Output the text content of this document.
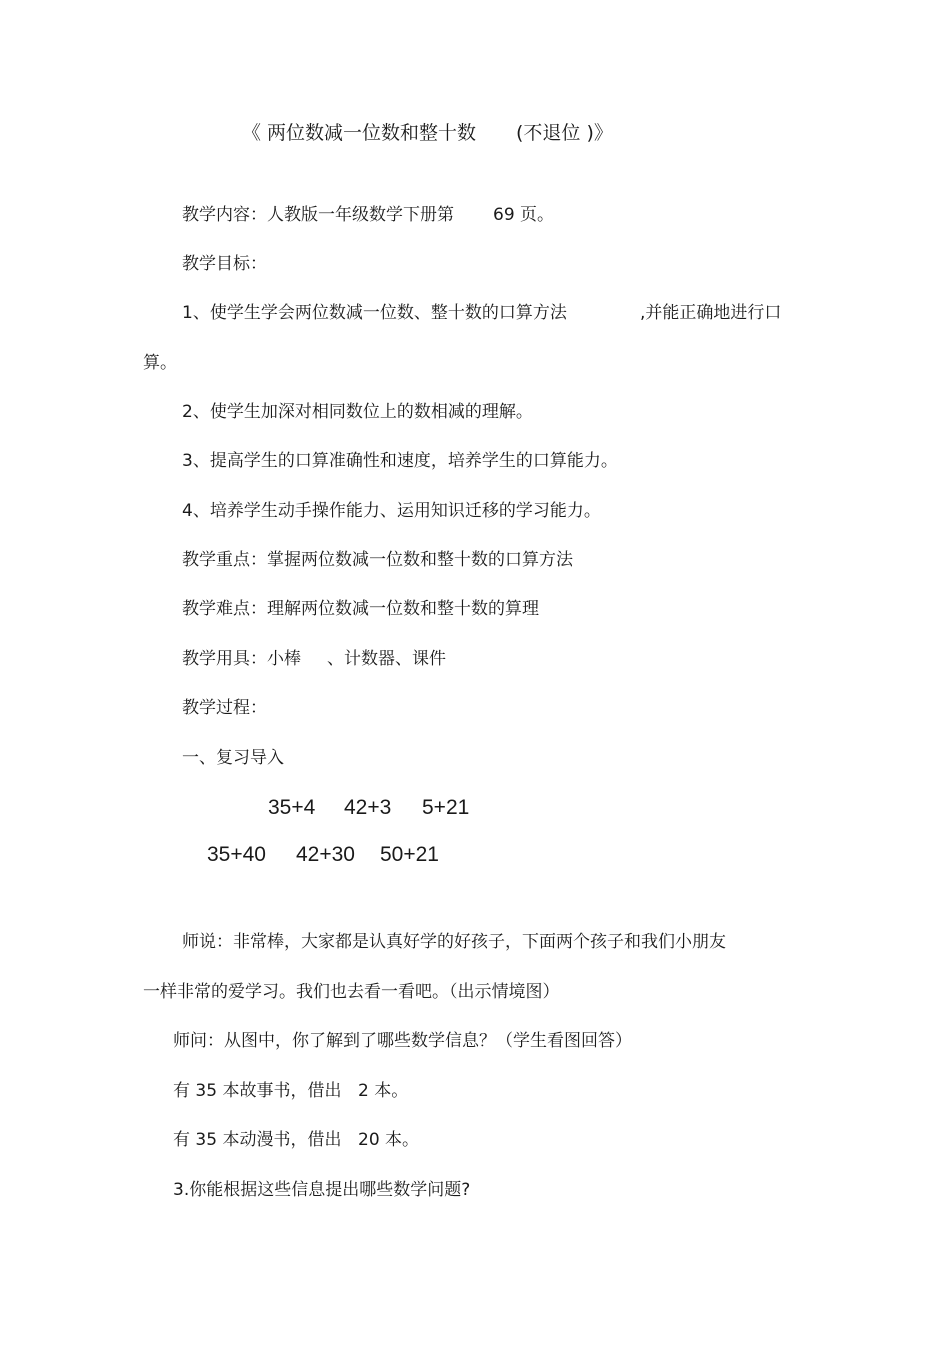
《 两位数减一位数和整十数 (不退位 )》
教学内容：人教版一年级数学下册第 69 页。
教学目标：
1、使学生学会两位数减一位数、整十数的口算方法	,并能正确地进行口
算。
2、使学生加深对相同数位上的数相减的理解。
3、提高学生的口算准确性和速度，培养学生的口算能力。
4、培养学生动手操作能力、运用知识迁移的学习能力。
教学重点：掌握两位数减一位数和整十数的口算方法
教学难点：理解两位数减一位数和整十数的算理
教学用具：小棒 、计数器、课件
教学过程：
一、复习导入
35+4 42+3 5+21
35+40 42+30 50+21
师说：非常棒，大家都是认真好学的好孩子，下面两个孩子和我们小朋友
一样非常的爱学习。我们也去看一看吧。（出示情境图）
师问：从图中，你了解到了哪些数学信息？（学生看图回答）
有 35 本故事书，借出 2 本。
有 35 本动漫书，借出 20 本。
3.你能根据这些信息提出哪些数学问题?
